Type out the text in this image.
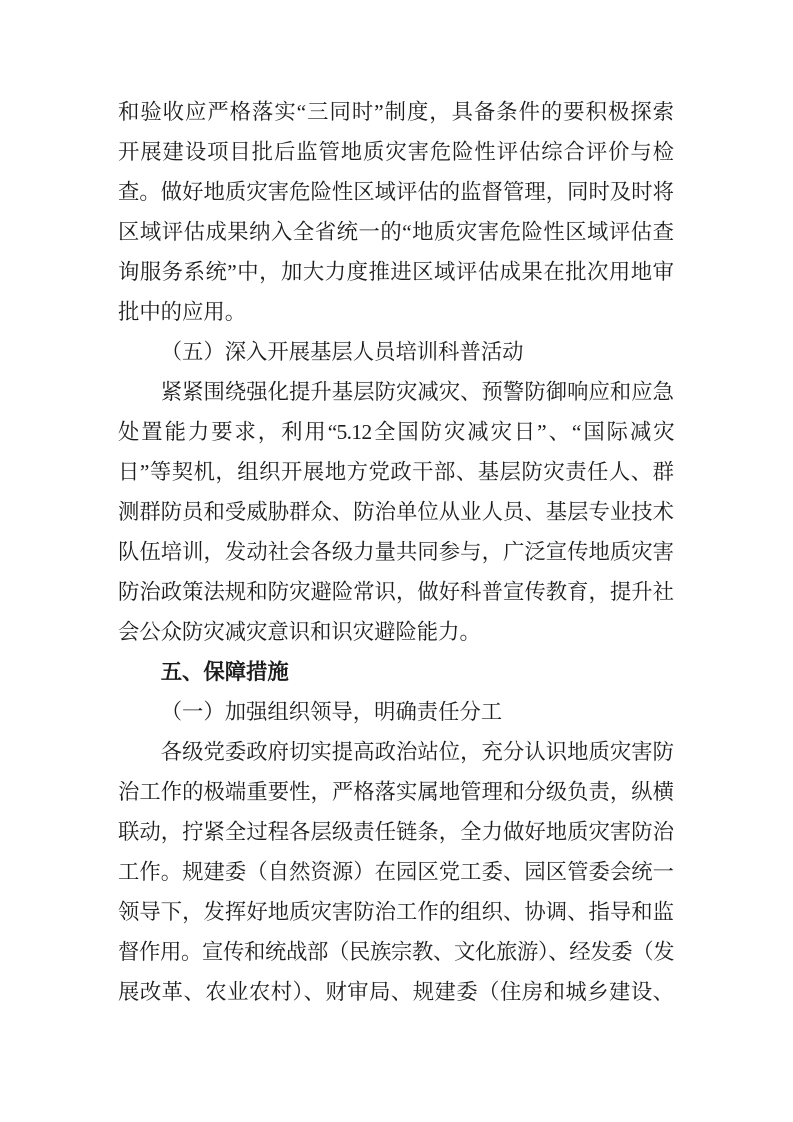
和验收应严格落实“三同时”制度，具备条件的要积极探索
开展建设项目批后监管地质灾害危险性评估综合评价与检
查。做好地质灾害危险性区域评估的监督管理，同时及时将
区域评估成果纳入全省统一的“地质灾害危险性区域评估查
询服务系统”中，加大力度推进区域评估成果在批次用地审
批中的应用。
（五）深入开展基层人员培训科普活动
紧紧围绕强化提升基层防灾减灾、预警防御响应和应急
处置能力要求，利用“5.12全国防灾减灾日”、“国际减灾
日”等契机，组织开展地方党政干部、基层防灾责任人、群
测群防员和受威胁群众、防治单位从业人员、基层专业技术
队伍培训，发动社会各级力量共同参与，广泛宣传地质灾害
防治政策法规和防灾避险常识，做好科普宣传教育，提升社
会公众防灾减灾意识和识灾避险能力。
五、保障措施
（一）加强组织领导，明确责任分工
各级党委政府切实提高政治站位，充分认识地质灾害防
治工作的极端重要性，严格落实属地管理和分级负责，纵横
联动，拧紧全过程各层级责任链条，全力做好地质灾害防治
工作。规建委（自然资源）在园区党工委、园区管委会统一
领导下，发挥好地质灾害防治工作的组织、协调、指导和监
督作用。宣传和统战部（民族宗教、文化旅游）、经发委（发
展改革、农业农村）、财审局、规建委（住房和城乡建设、
